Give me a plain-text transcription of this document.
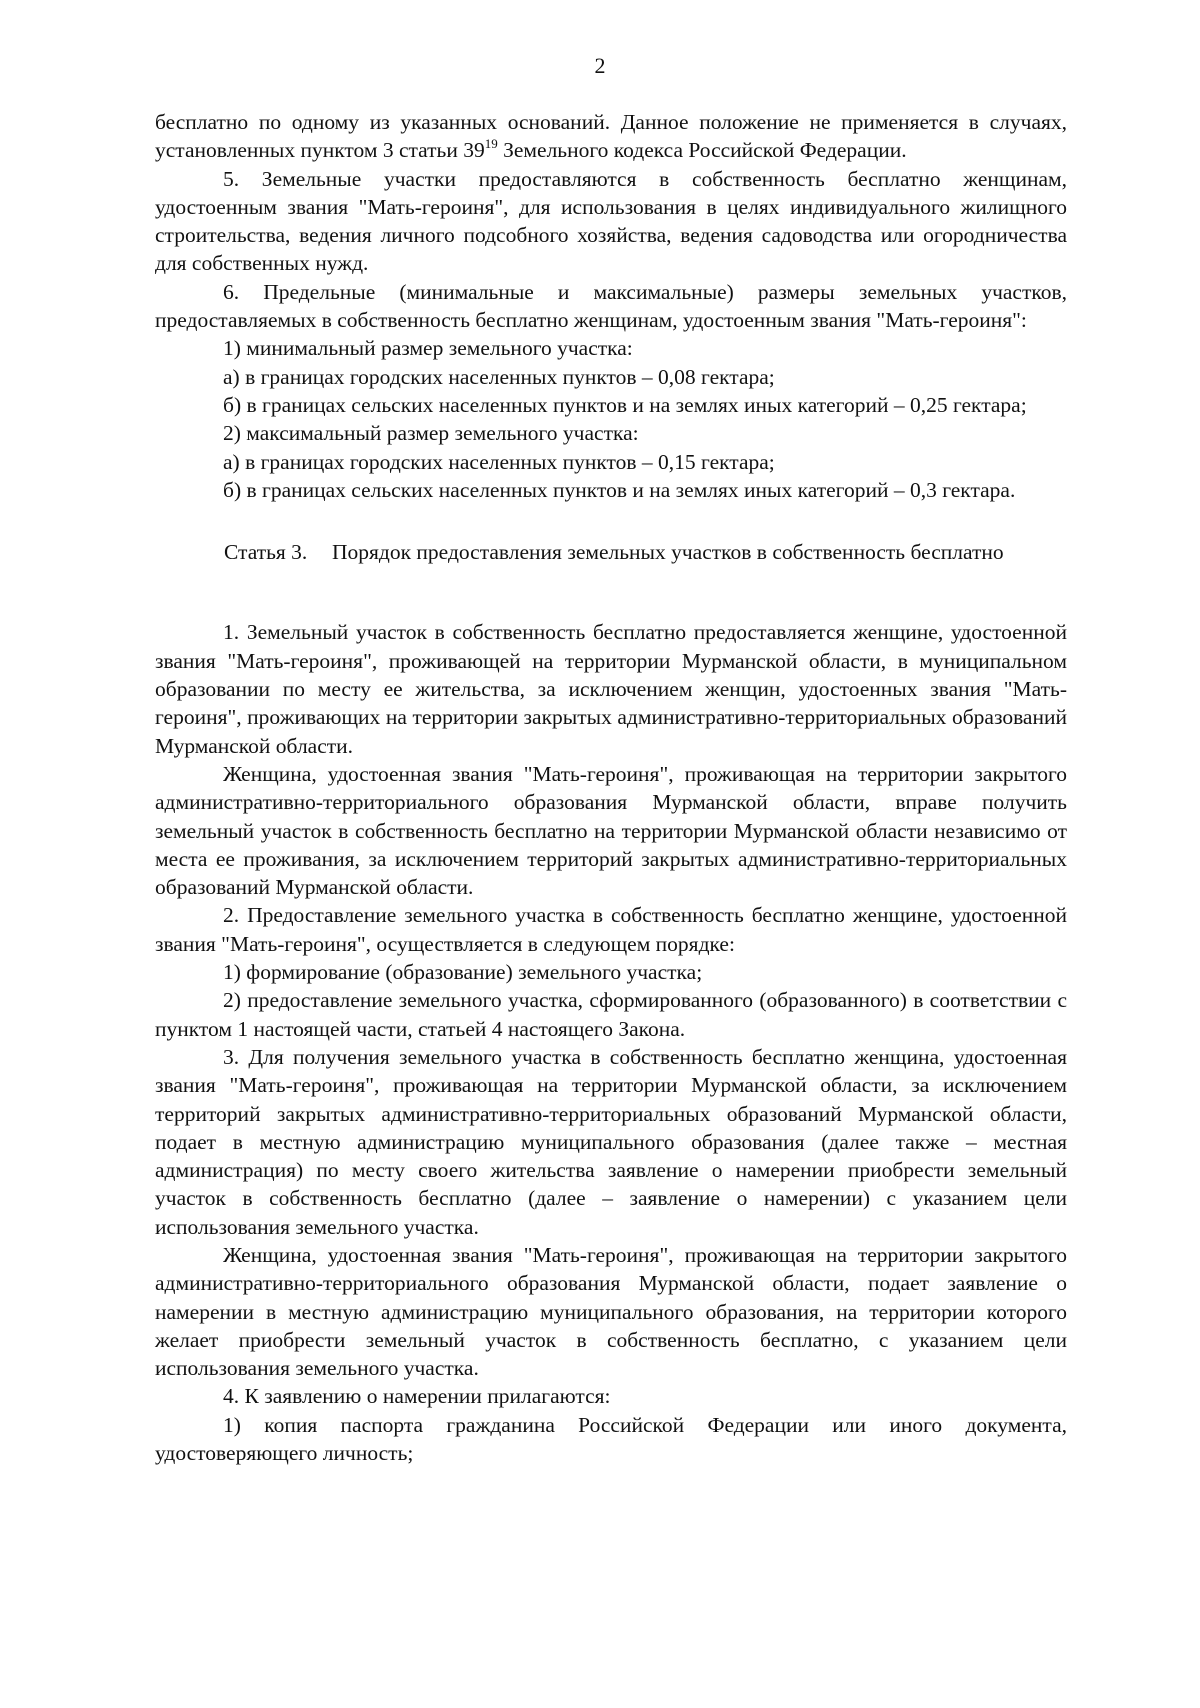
2

бесплатно по одному из указанных оснований. Данное положение не применяется в случаях, установленных пунктом 3 статьи $39^{19}$ Земельного кодекса Российской Федерации.

5. Земельные участки предоставляются в собственность бесплатно женщинам, удостоенным звания "Мать-героиня", для использования в целях индивидуального жилищного строительства, ведения личного подсобного хозяйства, ведения садоводства или огородничества для собственных нужд.

6. Предельные (минимальные и максимальные) размеры земельных участков, предоставляемых в собственность бесплатно женщинам, удостоенным звания "Мать-героиня":

1) минимальный размер земельного участка:

а) в границах городских населенных пунктов – 0,08 гектара;

б) в границах сельских населенных пунктов и на землях иных категорий – 0,25 гектара;

2) максимальный размер земельного участка:

а) в границах городских населенных пунктов – 0,15 гектара;

б) в границах сельских населенных пунктов и на землях иных категорий – 0,3 гектара.

Статья 3.	Порядок предоставления земельных участков в собственность бесплатно

1. Земельный участок в собственность бесплатно предоставляется женщине, удостоенной звания "Мать-героиня", проживающей на территории Мурманской области, в муниципальном образовании по месту ее жительства, за исключением женщин, удостоенных звания "Мать-героиня", проживающих на территории закрытых административно-территориальных образований Мурманской области.

Женщина, удостоенная звания "Мать-героиня", проживающая на территории закрытого административно-территориального образования Мурманской области, вправе получить земельный участок в собственность бесплатно на территории Мурманской области независимо от места ее проживания, за исключением территорий закрытых административно-территориальных образований Мурманской области.

2. Предоставление земельного участка в собственность бесплатно женщине, удостоенной звания "Мать-героиня", осуществляется в следующем порядке:

1) формирование (образование) земельного участка;

2) предоставление земельного участка, сформированного (образованного) в соответствии с пунктом 1 настоящей части, статьей 4 настоящего Закона.

3. Для получения земельного участка в собственность бесплатно женщина, удостоенная звания "Мать-героиня", проживающая на территории Мурманской области, за исключением территорий закрытых административно-территориальных образований Мурманской области, подает в местную администрацию муниципального образования (далее также – местная администрация) по месту своего жительства заявление о намерении приобрести земельный участок в собственность бесплатно (далее – заявление о намерении) с указанием цели использования земельного участка.

Женщина, удостоенная звания "Мать-героиня", проживающая на территории закрытого административно-территориального образования Мурманской области, подает заявление о намерении в местную администрацию муниципального образования, на территории которого желает приобрести земельный участок в собственность бесплатно, с указанием цели использования земельного участка.

4. К заявлению о намерении прилагаются:

1) копия паспорта гражданина Российской Федерации или иного документа, удостоверяющего личность;
